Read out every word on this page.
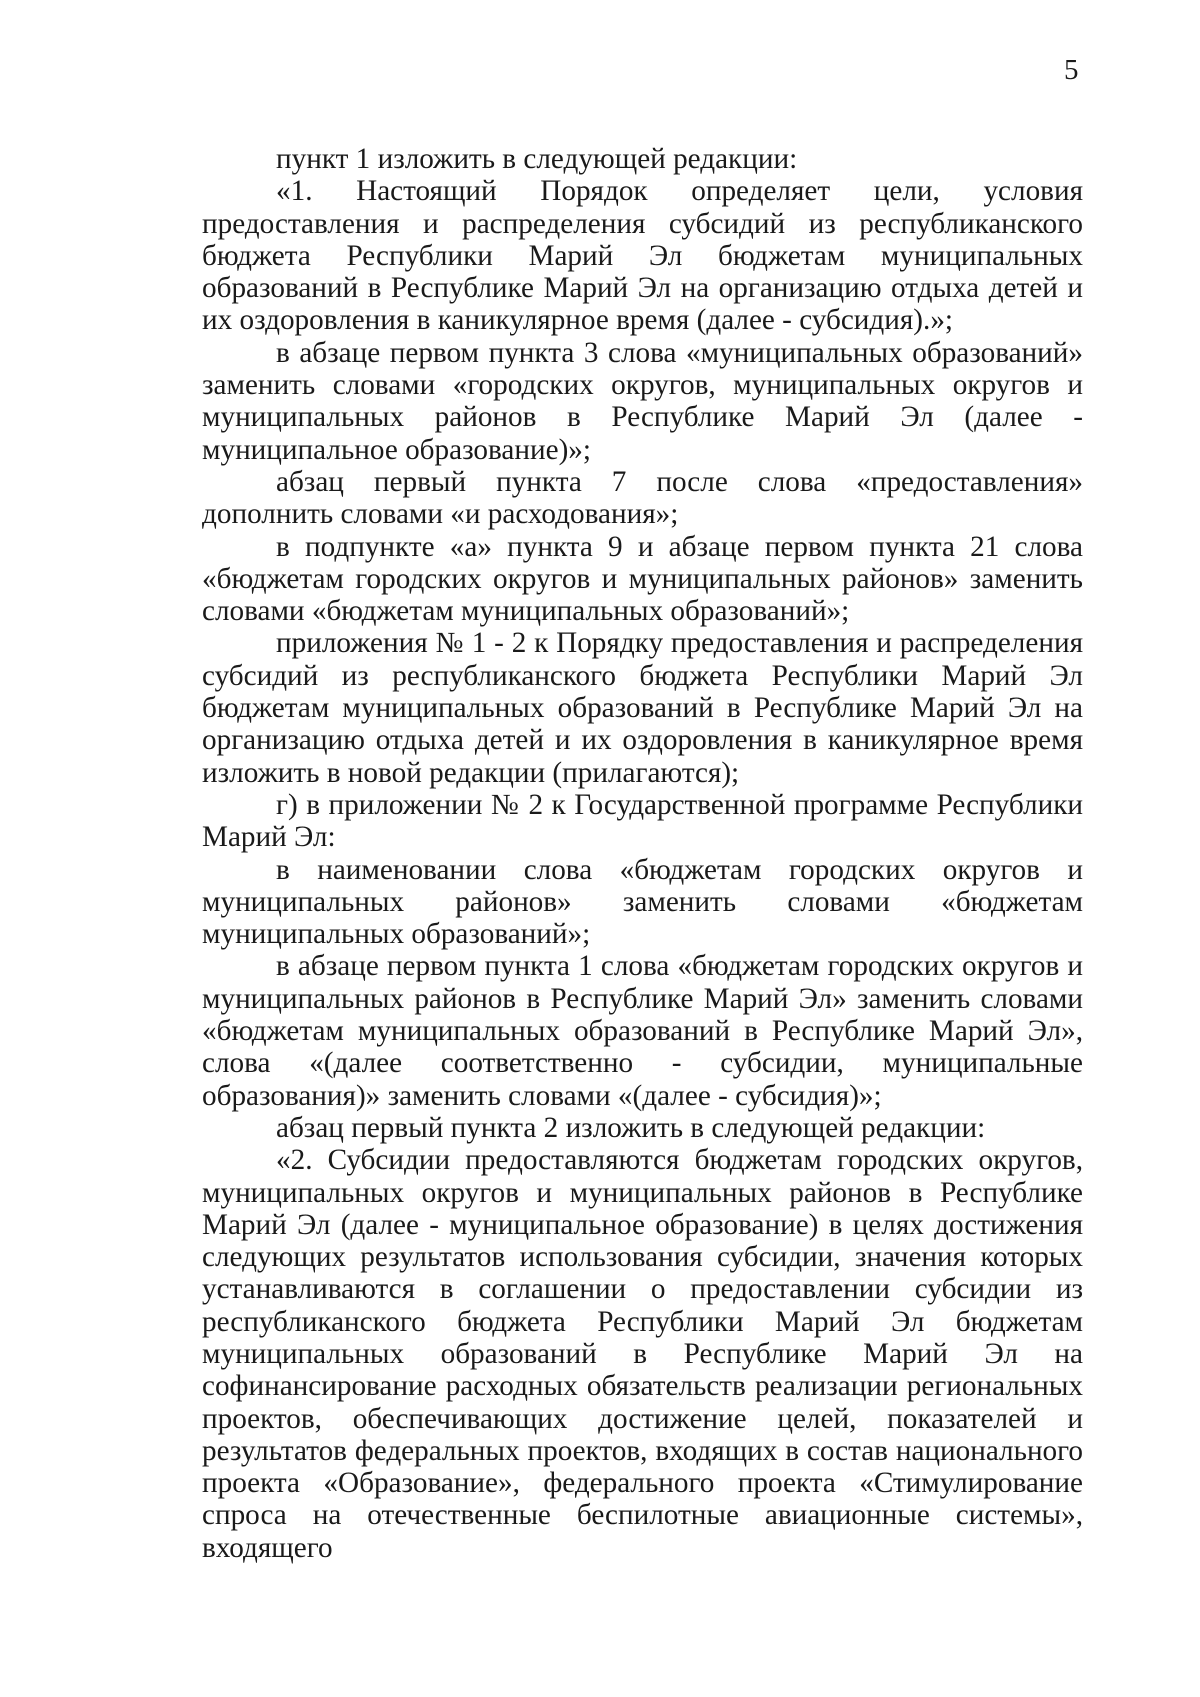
5

пункт 1 изложить в следующей редакции:

«1. Настоящий Порядок определяет цели, условия предоставления и распределения субсидий из республиканского бюджета Республики Марий Эл бюджетам муниципальных образований в Республике Марий Эл на организацию отдыха детей и их оздоровления в каникулярное время (далее - субсидия).»;

в абзаце первом пункта 3 слова «муниципальных образований» заменить словами «городских округов, муниципальных округов и муниципальных районов в Республике Марий Эл (далее - муниципальное образование)»;

абзац первый пункта 7 после слова «предоставления» дополнить словами «и расходования»;

в подпункте «а» пункта 9 и абзаце первом пункта 21 слова «бюджетам городских округов и муниципальных районов» заменить словами «бюджетам муниципальных образований»;

приложения № 1 - 2 к Порядку предоставления и распределения субсидий из республиканского бюджета Республики Марий Эл бюджетам муниципальных образований в Республике Марий Эл на организацию отдыха детей и их оздоровления в каникулярное время изложить в новой редакции (прилагаются);

г) в приложении № 2 к Государственной программе Республики Марий Эл:

в наименовании слова «бюджетам городских округов и муниципальных районов» заменить словами «бюджетам муниципальных образований»;

в абзаце первом пункта 1 слова «бюджетам городских округов и муниципальных районов в Республике Марий Эл» заменить словами «бюджетам муниципальных образований в Республике Марий Эл», слова «(далее соответственно - субсидии, муниципальные образования)» заменить словами «(далее - субсидия)»;

абзац первый пункта 2 изложить в следующей редакции:

«2. Субсидии предоставляются бюджетам городских округов, муниципальных округов и муниципальных районов в Республике Марий Эл (далее - муниципальное образование) в целях достижения следующих результатов использования субсидии, значения которых устанавливаются в соглашении о предоставлении субсидии из республиканского бюджета Республики Марий Эл бюджетам муниципальных образований в Республике Марий Эл на софинансирование расходных обязательств реализации региональных проектов, обеспечивающих достижение целей, показателей и результатов федеральных проектов, входящих в состав национального проекта «Образование», федерального проекта «Стимулирование спроса на отечественные беспилотные авиационные системы», входящего
